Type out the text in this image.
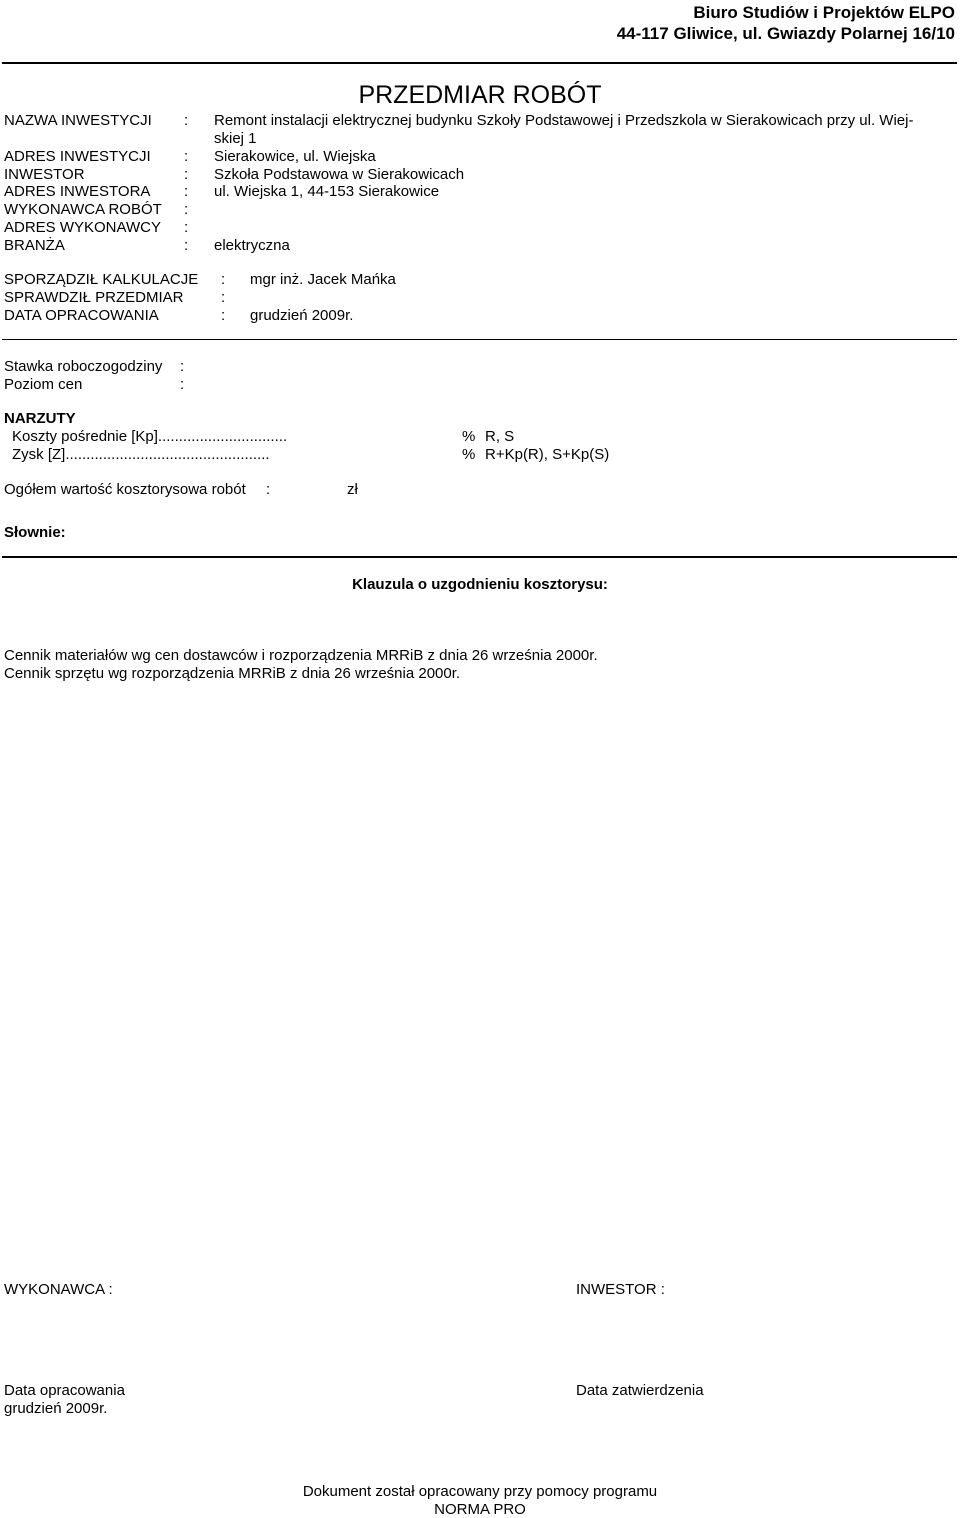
Biuro Studiów i Projektów ELPO
44-117 Gliwice, ul. Gwiazdy Polarnej 16/10
PRZEDMIAR ROBÓT
NAZWA INWESTYCJI : Remont instalacji elektrycznej budynku Szkoły Podstawowej i Przedszkola w Sierakowicach przy ul. Wiej-
skiej 1
ADRES INWESTYCJI : Sierakowice, ul. Wiejska
INWESTOR	: Szkoła Podstawowa w Sierakowicach
ADRES INWESTORA : ul. Wiejska 1, 44-153 Sierakowice
WYKONAWCA ROBÓT :
ADRES WYKONAWCY :
BRANŻA	: elektryczna
SPORZĄDZIŁ KALKULACJE : mgr inż. Jacek Mańka
SPRAWDZIŁ PRZEDMIAR	:
DATA OPRACOWANIA	: grudzień 2009r.
Stawka roboczogodziny :
Poziom cen	:
NARZUTY
Koszty pośrednie [Kp]...............................	% R, S
Zysk [Z].................................................	% R+Kp(R), S+Kp(S)
Ogółem wartość kosztorysowa robót :	zł
Słownie:
Klauzula o uzgodnieniu kosztorysu:
Cennik materiałów wg cen dostawców i rozporządzenia MRRiB z dnia 26 września 2000r.
Cennik sprzętu wg rozporządzenia MRRiB z dnia 26 września 2000r.
WYKONAWCA :	INWESTOR :
Data opracowania
grudzień 2009r.
Data zatwierdzenia
Dokument został opracowany przy pomocy programu
NORMA PRO
